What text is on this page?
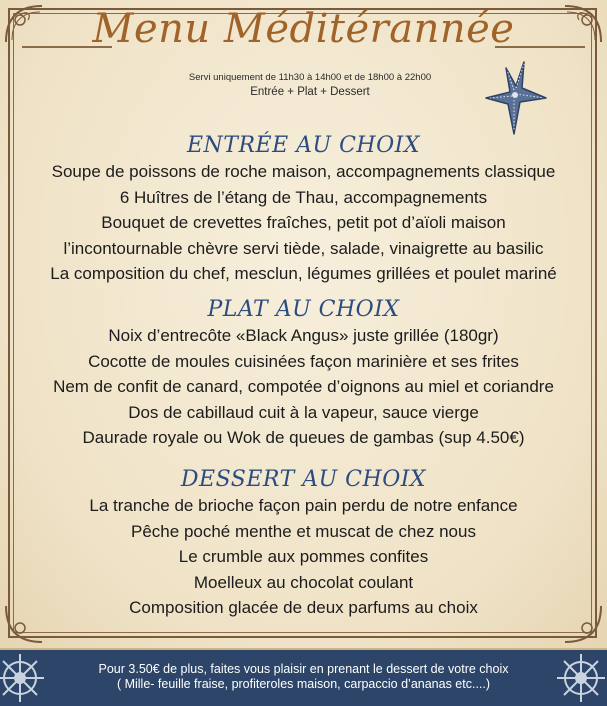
Menu Méditérannée
Servi uniquement de 11h30 à 14h00 et de 18h00 à 22h00
Entrée + Plat + Dessert
ENTRÉE AU CHOIX
Soupe de poissons de roche maison, accompagnements classique
6 Huîtres de l’étang de Thau, accompagnements
Bouquet de crevettes fraîches, petit pot d’aïoli maison
l’incontournable chèvre servi tiède, salade, vinaigrette au basilic
La composition du chef, mesclun, légumes grillées et poulet mariné
PLAT AU CHOIX
Noix d’entrecôte «Black Angus» juste grillée (180gr)
Cocotte de moules cuisinées façon marinière et ses frites
Nem de confit de canard, compotée d’oignons au miel et coriandre
Dos de cabillaud cuit à la vapeur, sauce vierge
Daurade royale ou Wok de queues de gambas (sup 4.50€)
DESSERT AU CHOIX
La tranche de brioche façon pain perdu de notre enfance
Pêche poché menthe et muscat de chez nous
Le crumble aux pommes confites
Moelleux au chocolat coulant
Composition glacée de deux parfums au choix
Pour 3.50€ de plus, faites vous plaisir en prenant le dessert de votre choix
( Mille- feuille fraise, profiteroles maison, carpaccio d’ananas etc....)
